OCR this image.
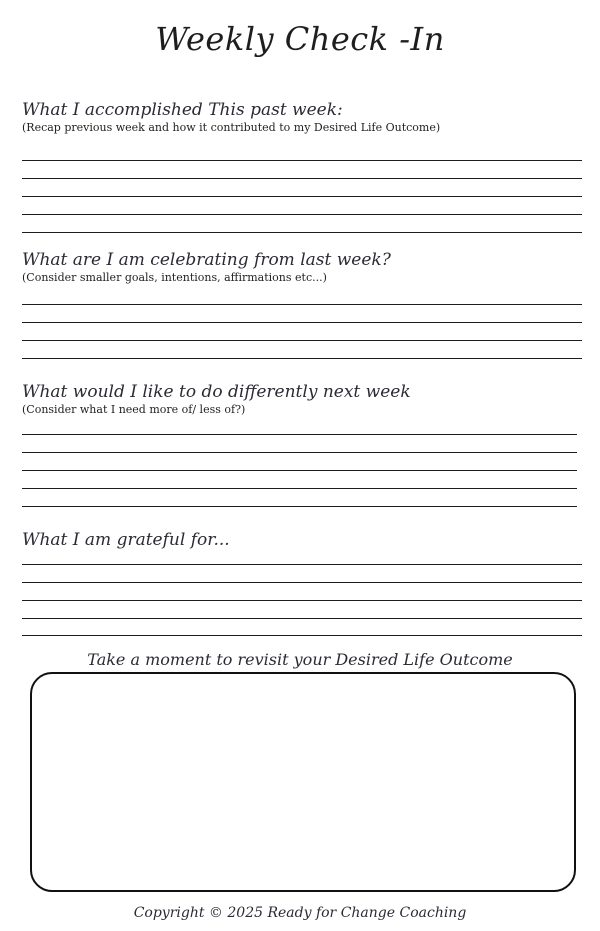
Weekly Check -In
What I accomplished This past week:
(Recap previous week and how it contributed to my Desired Life Outcome)
What are I am celebrating from last week?
(Consider smaller goals, intentions, affirmations etc...)
What would I like to do differently next week
(Consider what I need more of/ less of?)
What I am grateful for...
Take a moment to revisit your Desired Life Outcome
Copyright © 2025 Ready for Change Coaching
